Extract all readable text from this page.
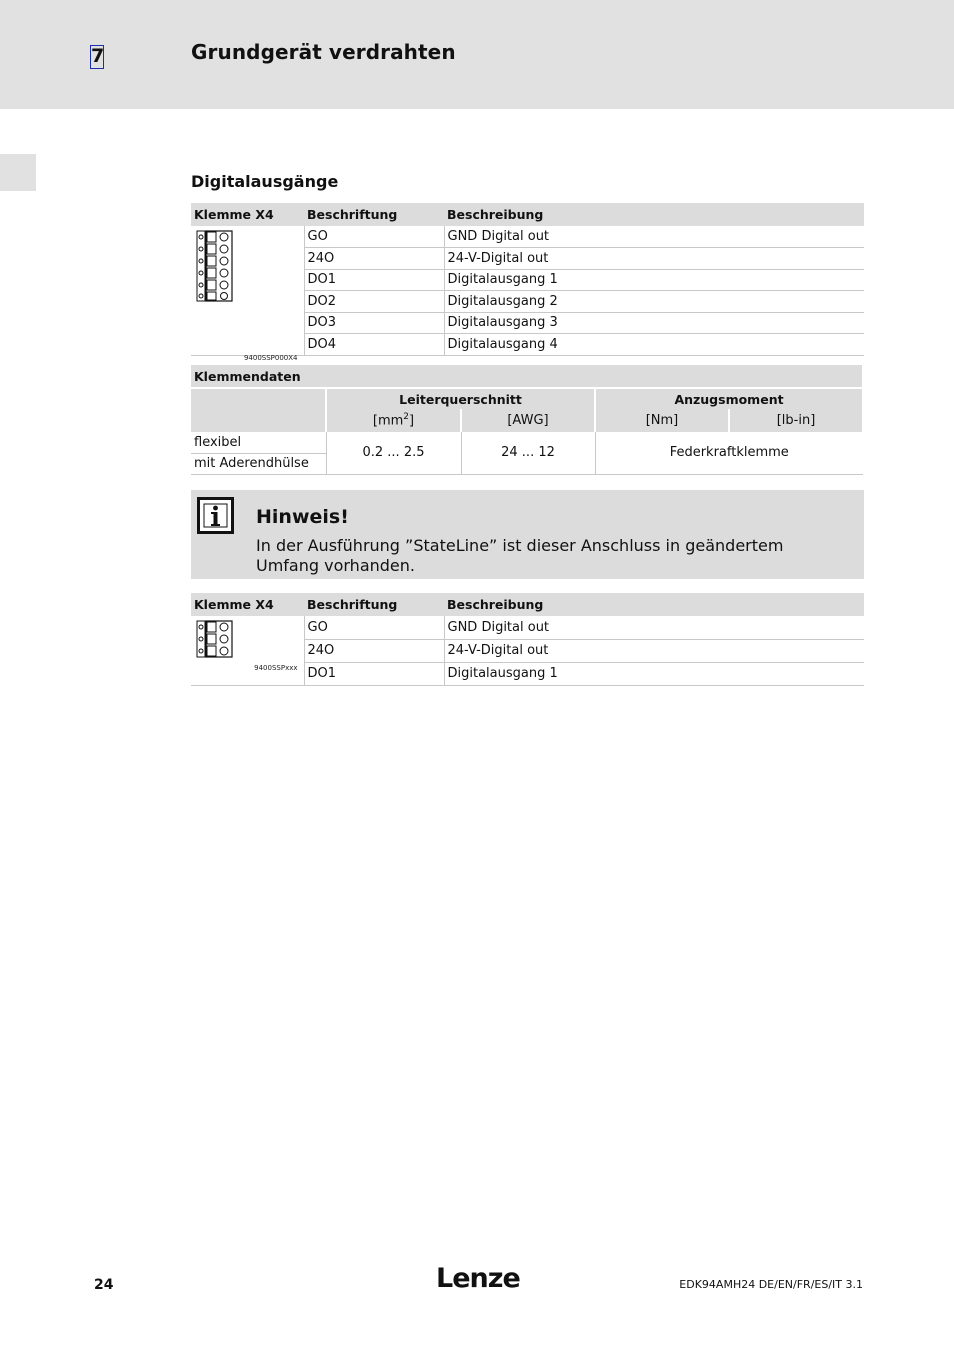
7	Grundgerät verdrahten
Digitalausgänge
Klemme X4	Beschriftung	Beschreibung

9400SSP000X4	GO	GND Digital out
	24O	24-V-Digital out
	DO1	Digitalausgang 1
	DO2	Digitalausgang 2
	DO3	Digitalausgang 3
	DO4	Digitalausgang 4
Klemmendaten				
	Leiterquerschnitt		Anzugsmoment	
	$[mm^2]$	[AWG]	[Nm]	[lb-in]
flexibel	0.2 ... 2.5	24 ... 12	Federkraftklemme	
mit Aderendhülse				
Hinweis!
In der Ausführung ”StateLine” ist dieser Anschluss in geändertem Umfang vorhanden.
Klemme X4	Beschriftung	Beschreibung

9400SSPxxx	GO	GND Digital out
	24O	24-V-Digital out
	DO1	Digitalausgang 1
24	Lenze	EDK94AMH24 DE/EN/FR/ES/IT 3.1
